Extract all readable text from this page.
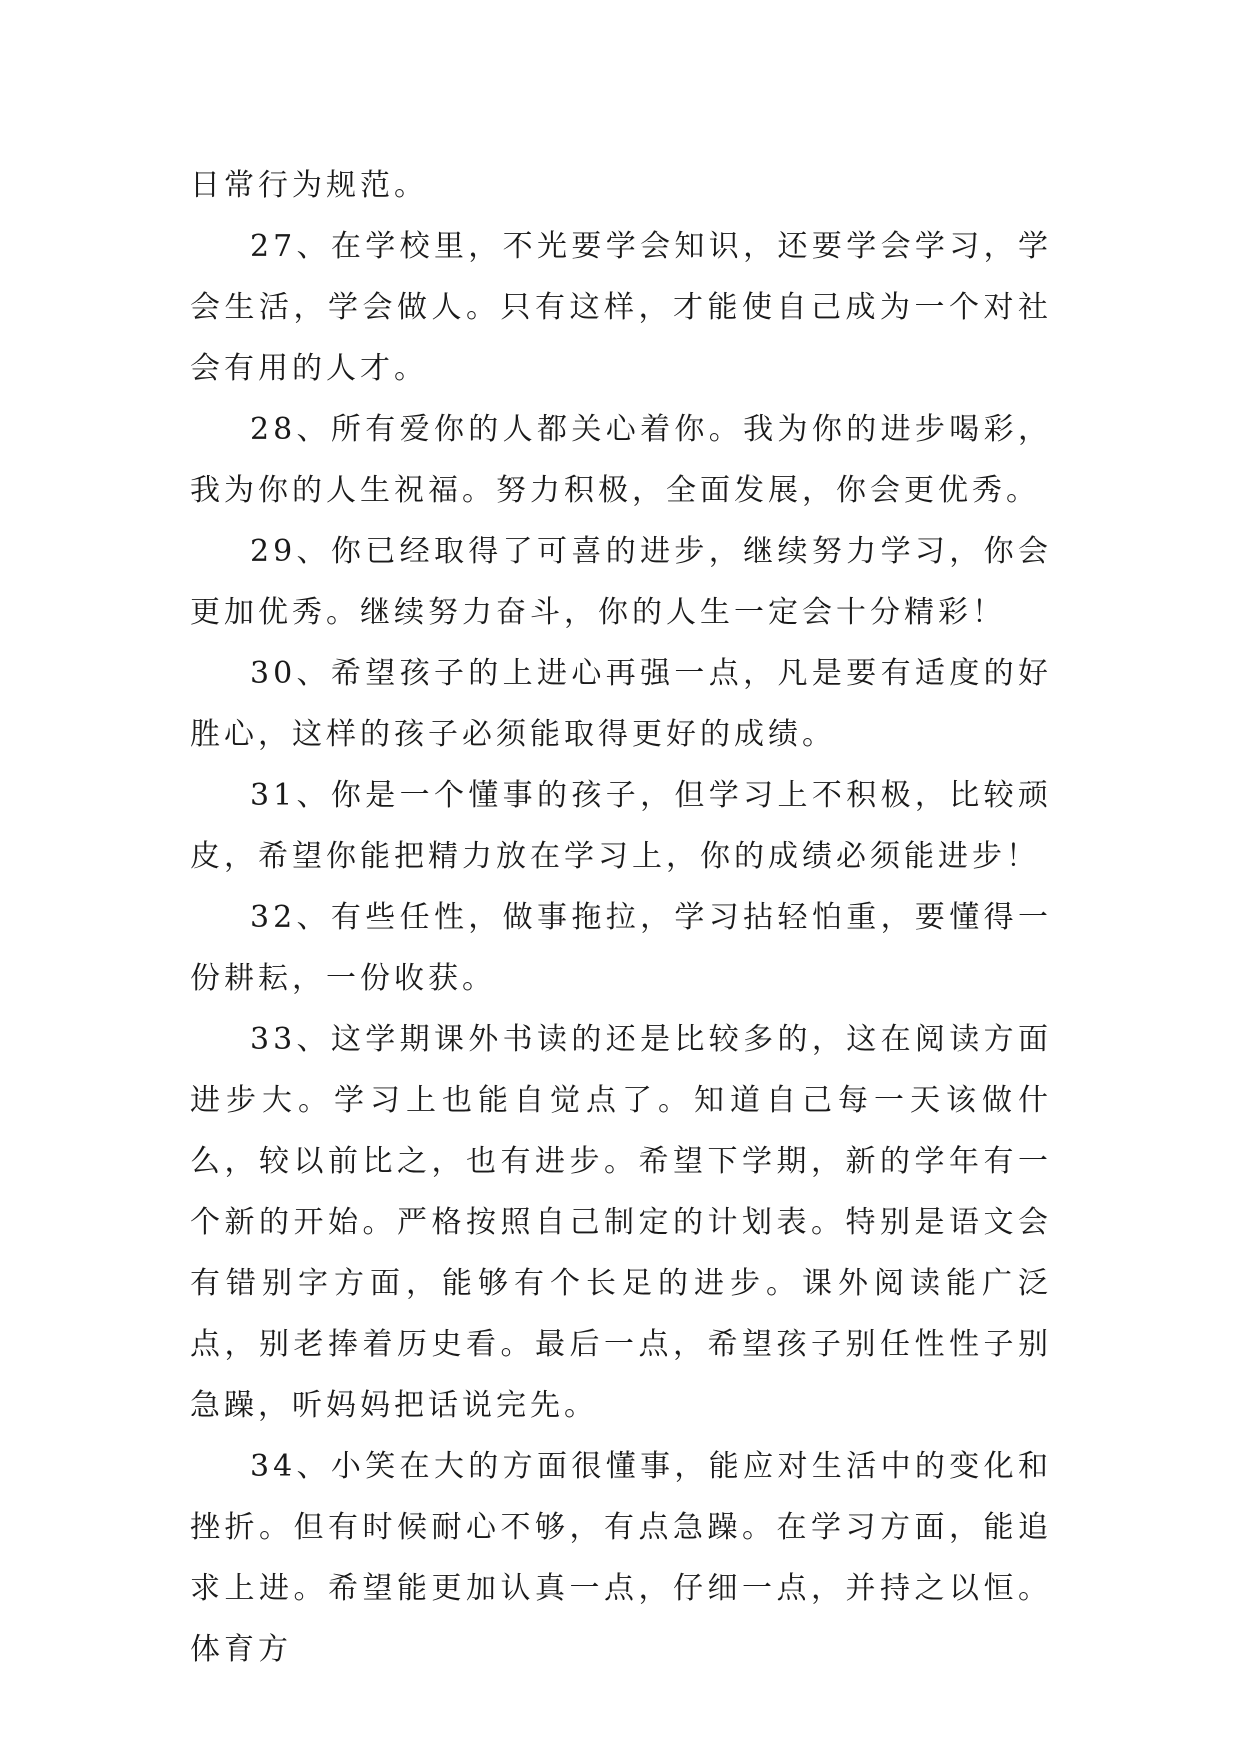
日常行为规范。

27、在学校里，不光要学会知识，还要学会学习，学会生活，学会做人。只有这样，才能使自己成为一个对社会有用的人才。

28、所有爱你的人都关心着你。我为你的进步喝彩，我为你的人生祝福。努力积极，全面发展，你会更优秀。

29、你已经取得了可喜的进步，继续努力学习，你会更加优秀。继续努力奋斗，你的人生一定会十分精彩！

30、希望孩子的上进心再强一点，凡是要有适度的好胜心，这样的孩子必须能取得更好的成绩。

31、你是一个懂事的孩子，但学习上不积极，比较顽皮，希望你能把精力放在学习上，你的成绩必须能进步！

32、有些任性，做事拖拉，学习拈轻怕重，要懂得一份耕耘，一份收获。

33、这学期课外书读的还是比较多的，这在阅读方面进步大。学习上也能自觉点了。知道自己每一天该做什么，较以前比之，也有进步。希望下学期，新的学年有一个新的开始。严格按照自己制定的计划表。特别是语文会有错别字方面，能够有个长足的进步。课外阅读能广泛点，别老捧着历史看。最后一点，希望孩子别任性性子别急躁，听妈妈把话说完先。

34、小笑在大的方面很懂事，能应对生活中的变化和挫折。但有时候耐心不够，有点急躁。在学习方面，能追求上进。希望能更加认真一点，仔细一点，并持之以恒。体育方
